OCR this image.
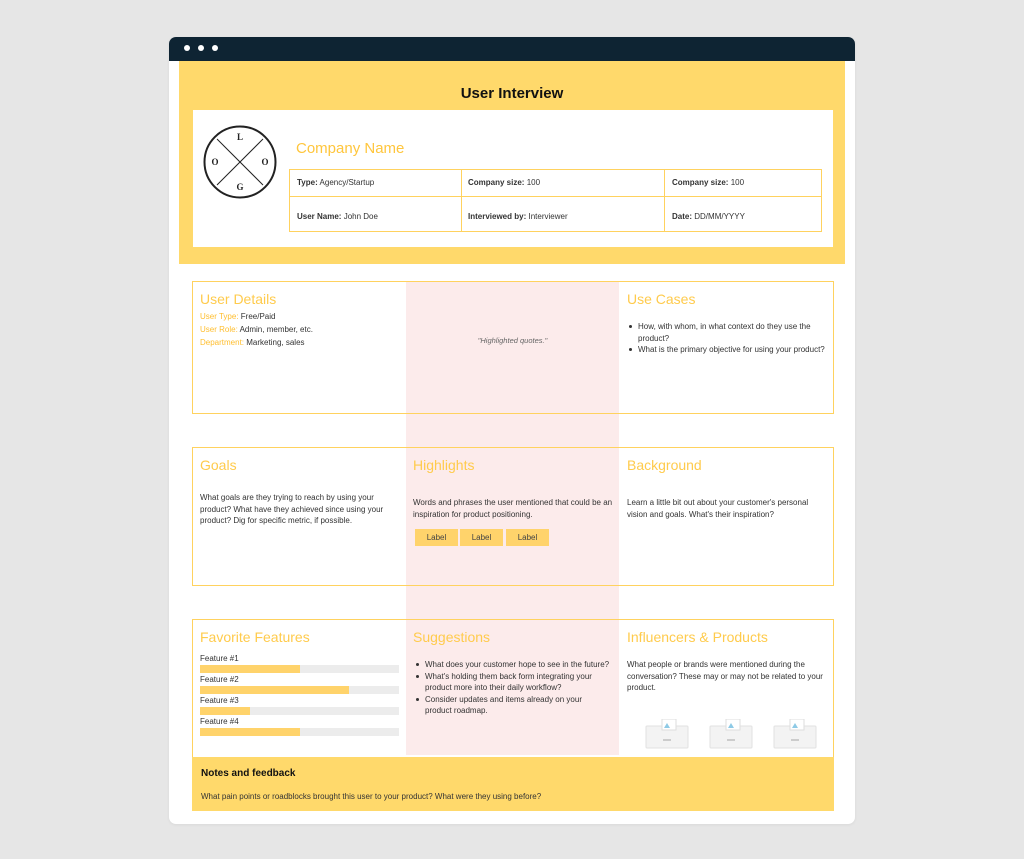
User Interview
L
O	O
G
Company Name
Type: Agency/Startup	Company size: 100	Company size: 100
User Name: John Doe	Interviewed by: Interviewer	Date: DD/MM/YYYY
User Details
User Type: Free/Paid
User Role: Admin, member, etc.
Department: Marketing, sales	"Highlighted quotes."
Use Cases
How, with whom, in what context do they use the product?
What is the primary objective for using your product?
Goals
What goals are they trying to reach by using your product? What have they achieved since using your product? Dig for specific metric, if possible.
Highlights
Words and phrases the user mentioned that could be an inspiration for product positioning.
Label	Label	Label
Background
Learn a little bit out about your customer's personal vision and goals. What's their inspiration?
Favorite Features
Feature #1
Feature #2
Feature #3
Feature #4
Suggestions
What does your customer hope to see in the future?
What's holding them back form integrating your product more into their daily workflow?
Consider updates and items already on your product roadmap.
Influencers & Products
What people or brands were mentioned during the conversation? These may or may not be related to your product.
Notes and feedback
What pain points or roadblocks brought this user to your product? What were they using before?
